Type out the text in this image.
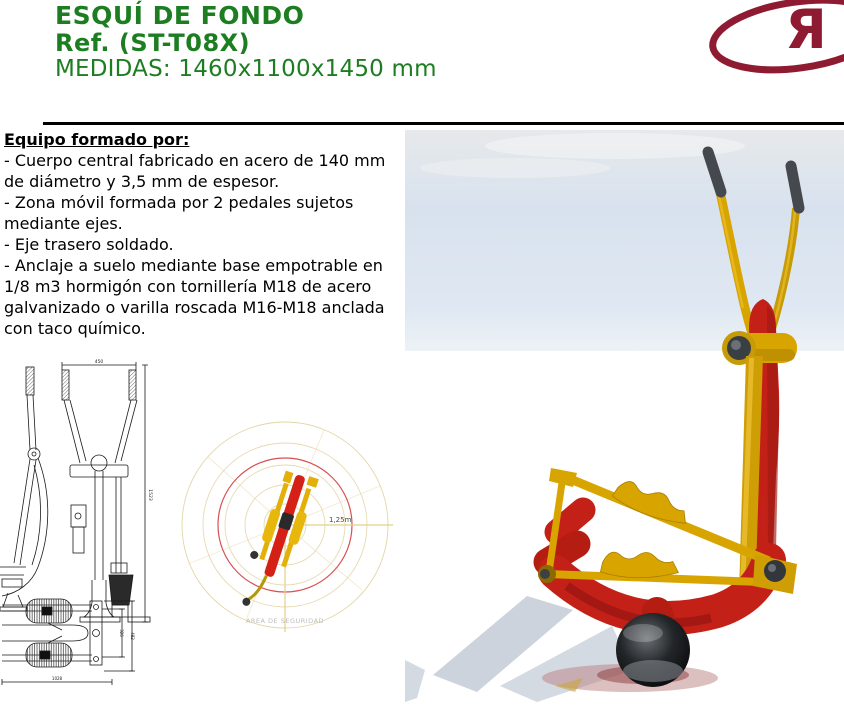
ESQUÍ DE FONDO
Ref. (ST-T08X)
MEDIDAS: 1460x1100x1450 mm
Я
Equipo formado por:
- Cuerpo central fabricado en acero de 140 mm de diámetro y 3,5 mm de espesor.
- Zona móvil formada por 2 pedales sujetos mediante ejes.
- Eje trasero soldado.
- Anclaje a suelo mediante base empotrable en 1/8 m3 hormigón con tornillería M18 de acero galvanizado o varilla roscada M16-M18 anclada con taco químico.
450
1523
326 482
1028
1,25m
AREA DE SEGURIDAD
